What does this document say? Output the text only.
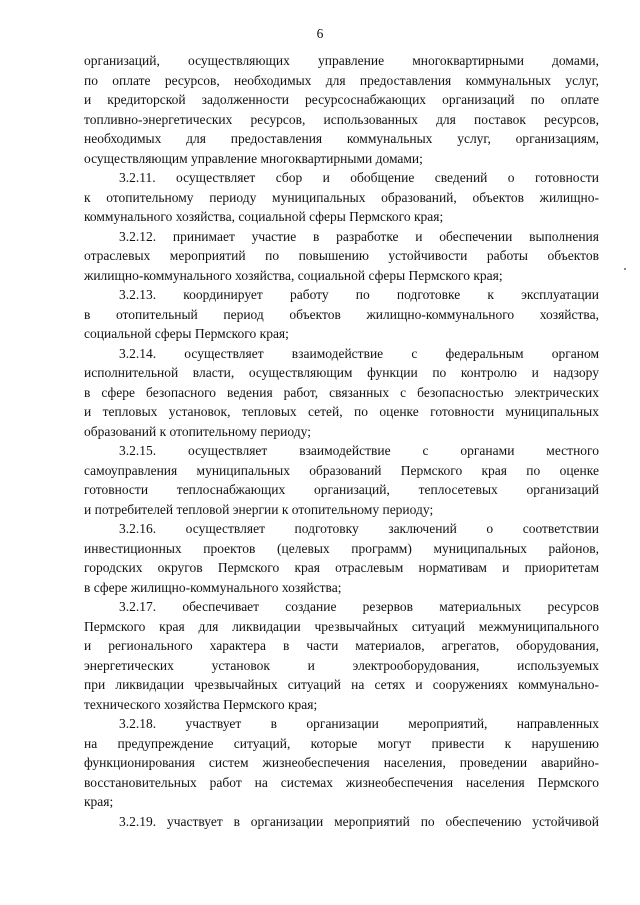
6
организаций, осуществляющих управление многоквартирными домами,
по оплате ресурсов, необходимых для предоставления коммунальных услуг,
и кредиторской задолженности ресурсоснабжающих организаций по оплате
топливно-энергетических ресурсов, использованных для поставок ресурсов,
необходимых для предоставления коммунальных услуг, организациям,
осуществляющим управление многоквартирными домами;
3.2.11. осуществляет сбор и обобщение сведений о готовности
к отопительному периоду муниципальных образований, объектов жилищно-
коммунального хозяйства, социальной сферы Пермского края;
3.2.12. принимает участие в разработке и обеспечении выполнения
отраслевых мероприятий по повышению устойчивости работы объектов
жилищно-коммунального хозяйства, социальной сферы Пермского края;
3.2.13. координирует работу по подготовке к эксплуатации
в отопительный период объектов жилищно-коммунального хозяйства,
социальной сферы Пермского края;
3.2.14. осуществляет взаимодействие с федеральным органом
исполнительной власти, осуществляющим функции по контролю и надзору
в сфере безопасного ведения работ, связанных с безопасностью электрических
и тепловых установок, тепловых сетей, по оценке готовности муниципальных
образований к отопительному периоду;
3.2.15. осуществляет взаимодействие с органами местного
самоуправления муниципальных образований Пермского края по оценке
готовности теплоснабжающих организаций, теплосетевых организаций
и потребителей тепловой энергии к отопительному периоду;
3.2.16. осуществляет подготовку заключений о соответствии
инвестиционных проектов (целевых программ) муниципальных районов,
городских округов Пермского края отраслевым нормативам и приоритетам
в сфере жилищно-коммунального хозяйства;
3.2.17. обеспечивает создание резервов материальных ресурсов
Пермского края для ликвидации чрезвычайных ситуаций межмуниципального
и регионального характера в части материалов, агрегатов, оборудования,
энергетических установок и электрооборудования, используемых
при ликвидации чрезвычайных ситуаций на сетях и сооружениях коммунально-
технического хозяйства Пермского края;
3.2.18. участвует в организации мероприятий, направленных
на предупреждение ситуаций, которые могут привести к нарушению
функционирования систем жизнеобеспечения населения, проведении аварийно-
восстановительных работ на системах жизнеобеспечения населения Пермского
края;
3.2.19. участвует в организации мероприятий по обеспечению устойчивой
